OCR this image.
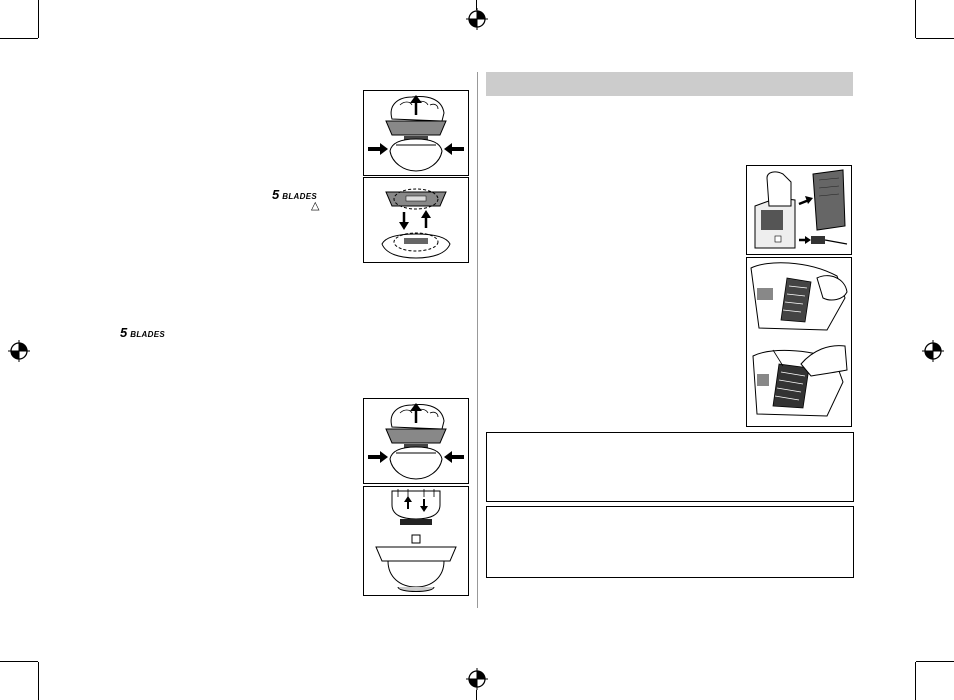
5 BLADES
△
5 BLADES
